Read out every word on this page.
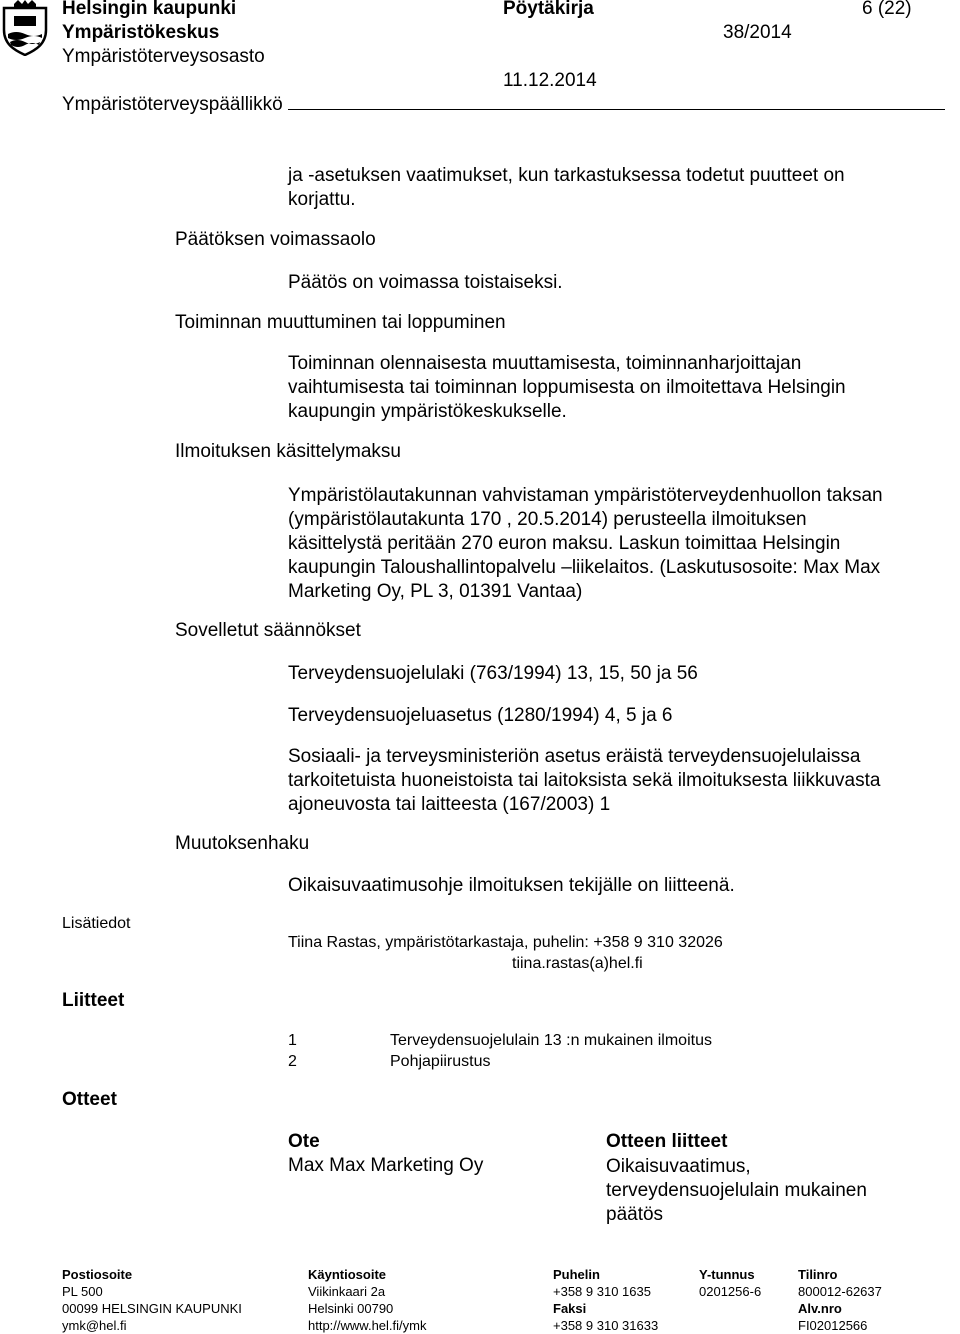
Helsingin kaupunki
Ympäristökeskus
Ympäristöterveysosasto
Ympäristöterveyspäällikkö
Pöytäkirja
38/2014
11.12.2014
6 (22)
ja -asetuksen vaatimukset, kun tarkastuksessa todetut puutteet on
korjattu.
Päätöksen voimassaolo
Päätös on voimassa toistaiseksi.
Toiminnan muuttuminen tai loppuminen
Toiminnan olennaisesta muuttamisesta, toiminnanharjoittajan
vaihtumisesta tai toiminnan loppumisesta on ilmoitettava Helsingin
kaupungin ympäristökeskukselle.
Ilmoituksen käsittelymaksu
Ympäristölautakunnan vahvistaman ympäristöterveydenhuollon taksan
(ympäristölautakunta 170 , 20.5.2014) perusteella ilmoituksen
käsittelystä peritään 270 euron maksu. Laskun toimittaa Helsingin
kaupungin Taloushallintopalvelu –liikelaitos. (Laskutusosoite: Max Max
Marketing Oy, PL 3, 01391 Vantaa)
Sovelletut säännökset
Terveydensuojelulaki (763/1994) 13, 15, 50 ja 56
Terveydensuojeluasetus (1280/1994) 4, 5 ja 6
Sosiaali- ja terveysministeriön asetus eräistä terveydensuojelulaissa
tarkoitetuista huoneistoista tai laitoksista sekä ilmoituksesta liikkuvasta
ajoneuvosta tai laitteesta (167/2003) 1
Muutoksenhaku
Oikaisuvaatimusohje ilmoituksen tekijälle on liitteenä.
Lisätiedot
Tiina Rastas, ympäristötarkastaja, puhelin: +358 9 310 32026
tiina.rastas(a)hel.fi
Liitteet
1	Terveydensuojelulain 13 :n mukainen ilmoitus
2	Pohjapiirustus
Otteet
Ote
Max Max Marketing Oy
Otteen liitteet
Oikaisuvaatimus,
terveydensuojelulain mukainen
päätös
Postiosoite
PL 500
00099 HELSINGIN KAUPUNKI
ymk@hel.fi
Käyntiosoite
Viikinkaari 2a
Helsinki 00790
http://www.hel.fi/ymk
Puhelin
+358 9 310 1635
Faksi
+358 9 310 31633
Y-tunnus
0201256-6
Tilinro
800012-62637
Alv.nro
FI02012566
